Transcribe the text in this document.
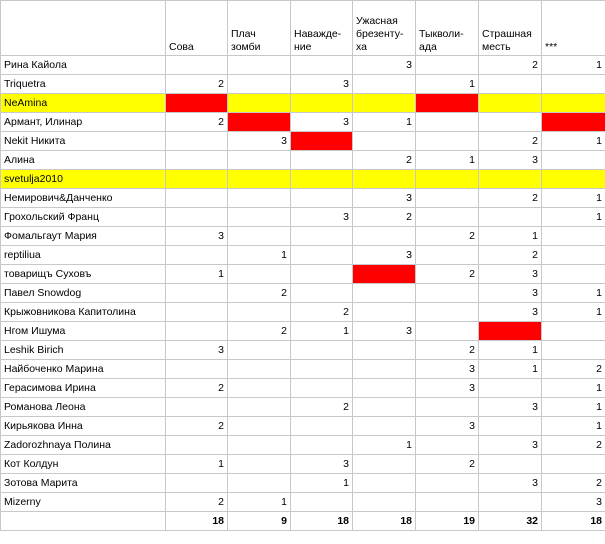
	Сова	Плач зомби	Наважде-ние	Ужасная брезенту-ха	Тыкволи-ада	Страшная месть	***
Рина Кайола				3		2	1
Triquetra	2		3		1		
NeAmina							
Армант, Илинар	2		3	1			
Nekit Никита		3				2	1
Алина				2	1	3	
svetulja2010							
Немирович&Данченко				3		2	1
Грохольский Франц			3	2			1
Фомальгаут Мария	3				2	1	
reptiliua		1		3		2	
товарищъ Суховъ	1				2	3	
Павел Snowdog		2				3	1
Крыжовникова Капитолина			2			3	1
Нгом Ишума		2	1	3			
Leshik Birich	3				2	1	
Найбоченко Марина					3	1	2
Герасимова Ирина	2				3		1
Романова Леона			2			3	1
Кирьякова Инна	2				3		1
Zadorozhnaya Полина				1		3	2
Кот Колдун	1		3		2		
Зотова Марита			1			3	2
Mizerny	2	1					3
	18	9	18	18	19	32	18
